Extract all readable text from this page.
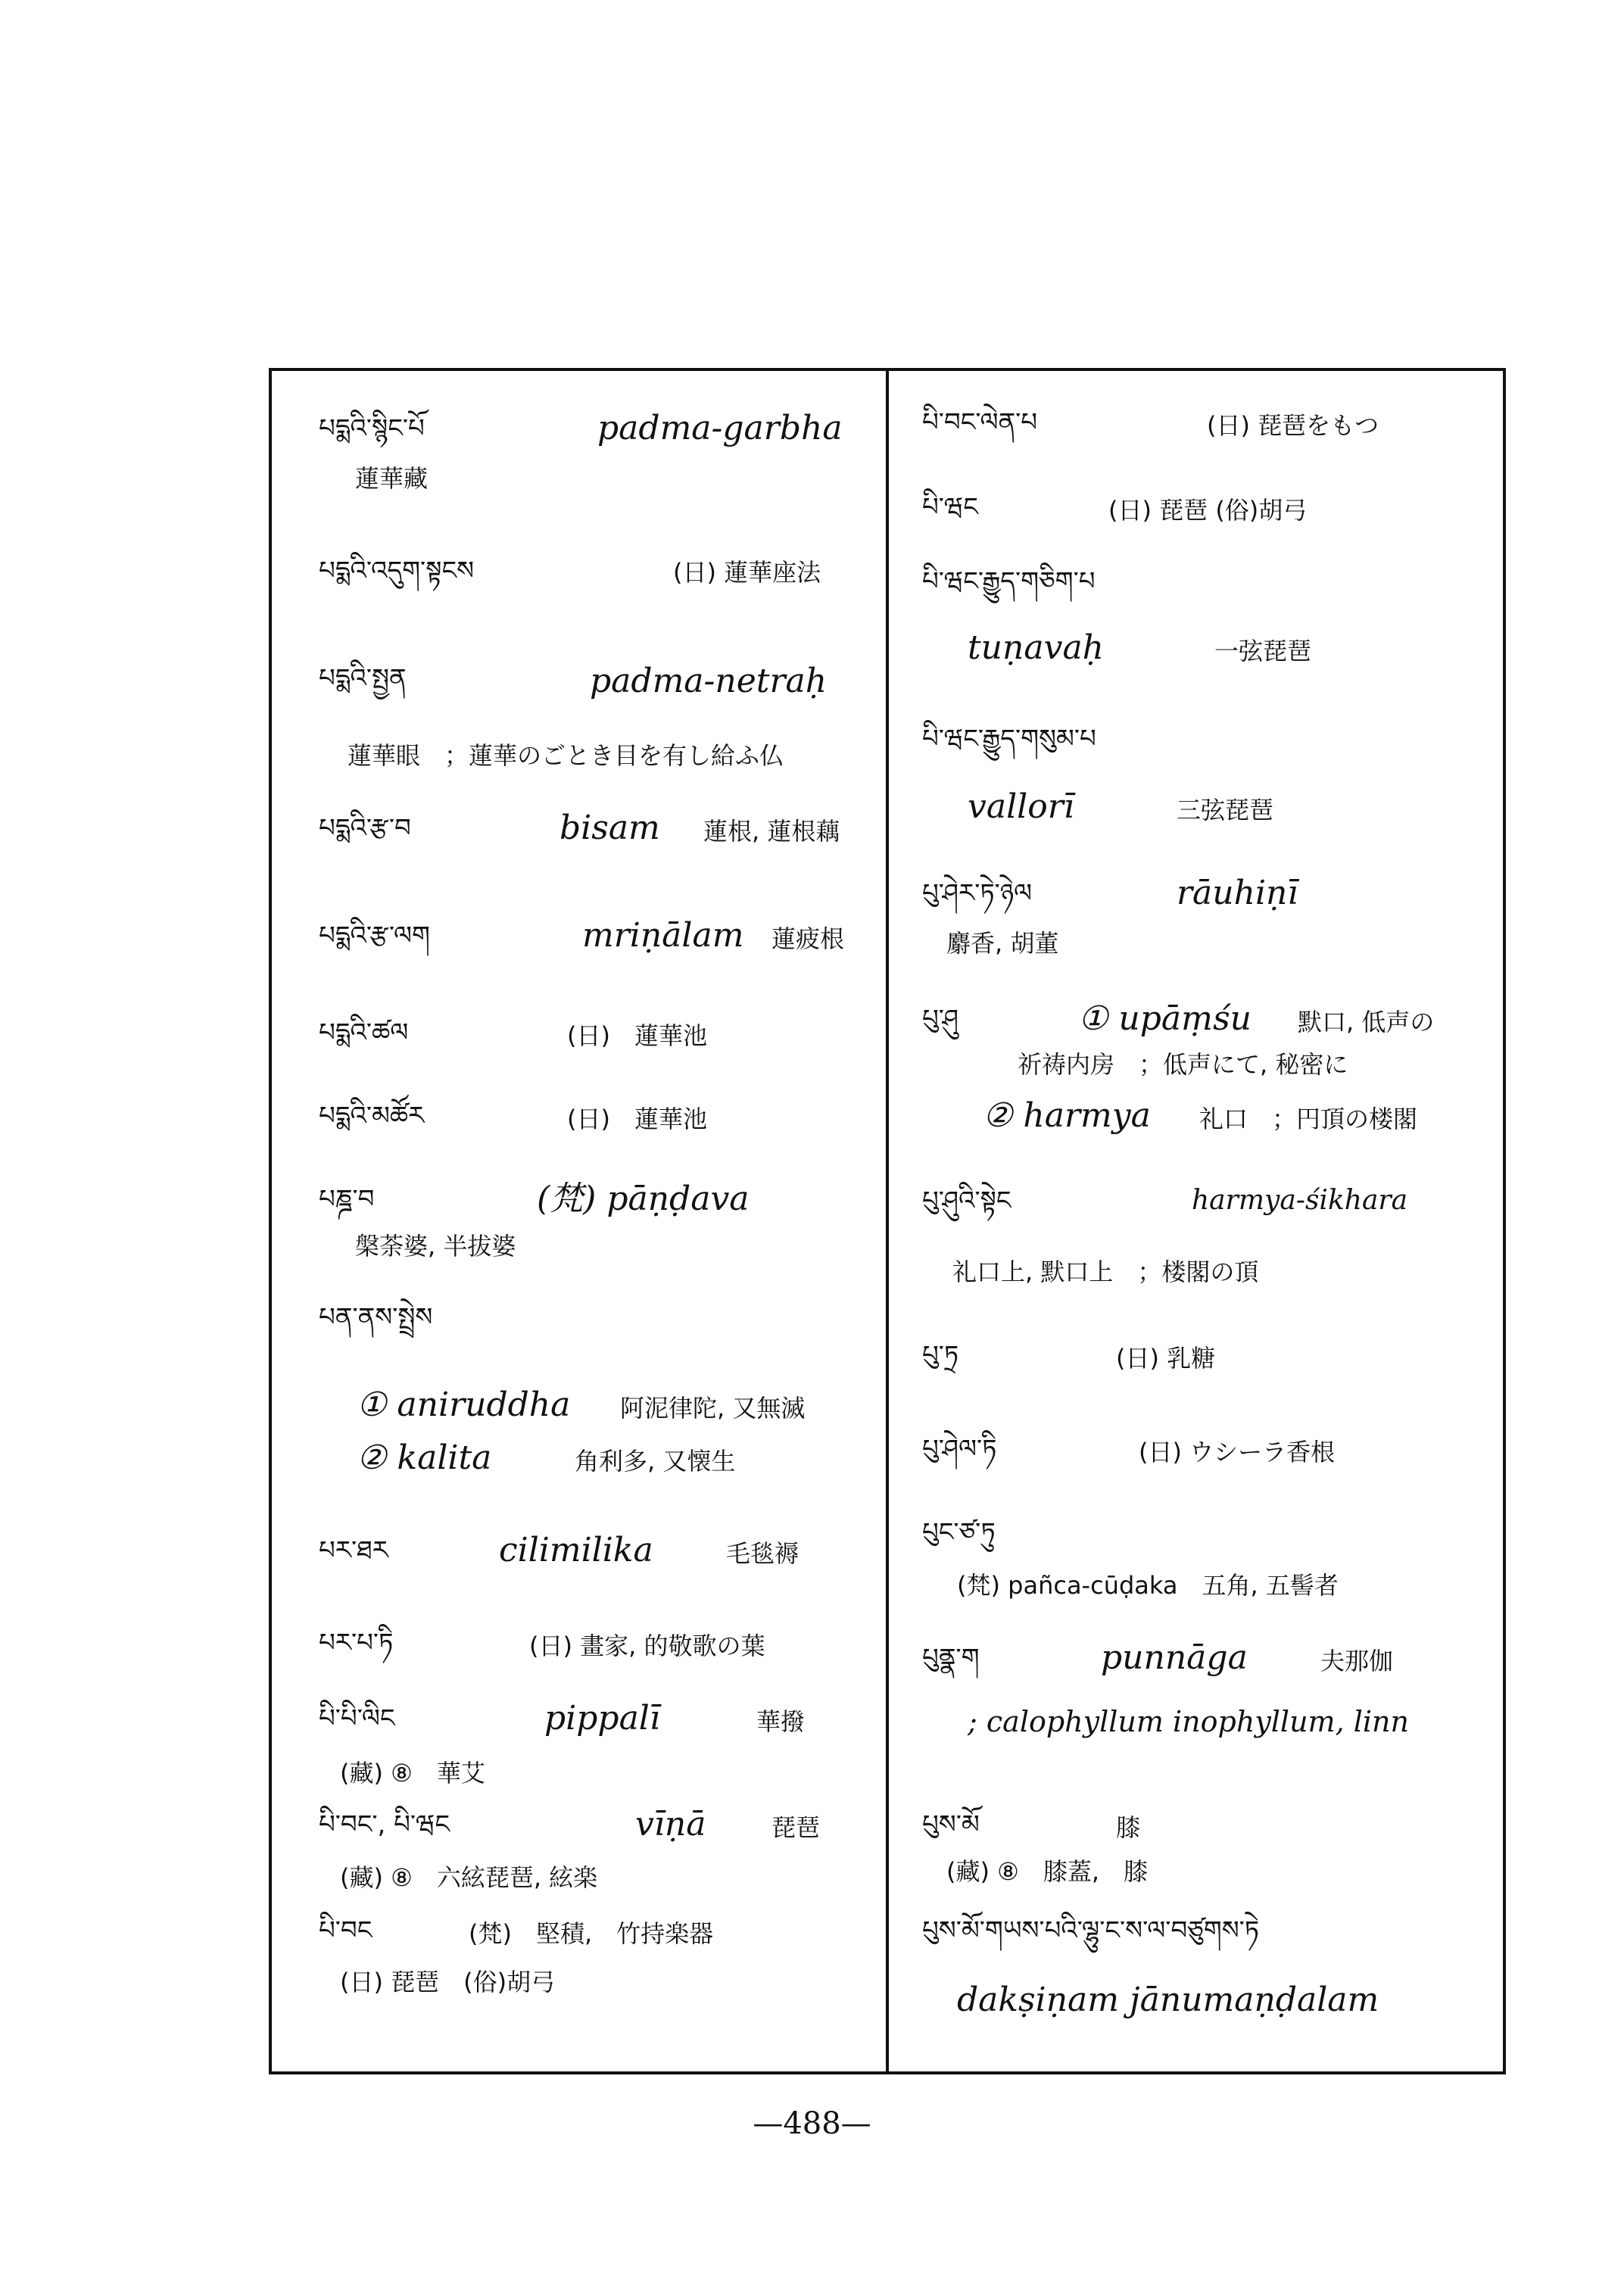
པདྨའི་སྙིང་པོ	padma-garbha
蓮華藏
པདྨའི་འདུག་སྟངས	(日) 蓮華座法
པདྨའི་སྤྱན	padma-netraḥ
蓮華眼　；蓮華のごとき目を有し給ふ仏
པདྨའི་རྩ་བ	bisam 蓮根, 蓮根藕
པདྨའི་རྩ་ལག	mriṇālam 蓮疲根
པདྨའི་ཚལ	(日)　蓮華池
པདྨའི་མཚོར	(日)　蓮華池
པཎྜ་བ	(梵) pāṇḍava
槃荼婆, 半拔婆
པན་ནས་སྤྲེས
① aniruddha 阿泥律陀, 又無滅
② kalita	角利多, 又懐生
པར་ཐར	cilimilika	毛毯褥
པར་པ་ཏི	(日) 畫家, 的敬歌の葉
པི་པི་ལིང	pippalī	華撥
(藏) ⑧　華艾
པི་བང་, པི་ཝང	vīṇā	琵琶
(藏) ⑧　六絃琵琶, 絃楽
པི་བང	(梵)　堅積,　竹持楽器
(日) 琵琶　(俗)胡弓
པི་བང་ལེན་པ	(日) 琵琶をもつ
པི་ཝང	(日) 琵琶 (俗)胡弓
པི་ཝང་རྒྱུད་གཅིག་པ
tuṇavaḥ	一弦琵琶
པི་ཝང་རྒྱུད་གསུམ་པ
vallorī	三弦琵琶
པུ་ཤེར་ཏེ་ཉེལ	rāuhiṇī
麝香, 胡董
པུ་ཤུ	① upāṃśu 默口, 低声の
祈祷内房　；低声にて, 秘密に
② harmya 礼口　；円頂の楼閣
པུ་ཤུའི་སྟེང	harmya-śikhara
礼口上, 默口上　；楼閣の頂
པུ་ཏྲ	(日) 乳糖
པུ་ཤེལ་ཏི	(日) ウシーラ香根
པུང་ཙ་ཏུ
(梵) pañca-cūḍaka　五角, 五髻者
པུནྣ་ག	punnāga	夫那伽
; calophyllum inophyllum, linn
པུས་མོ	膝
(藏) ⑧　膝蓋,　膝
པུས་མོ་གཡས་པའི་ལྷུ་ང་ས་ལ་བཙུགས་ཏེ
dakṣiṇam jānumaṇḍalam
—488—
